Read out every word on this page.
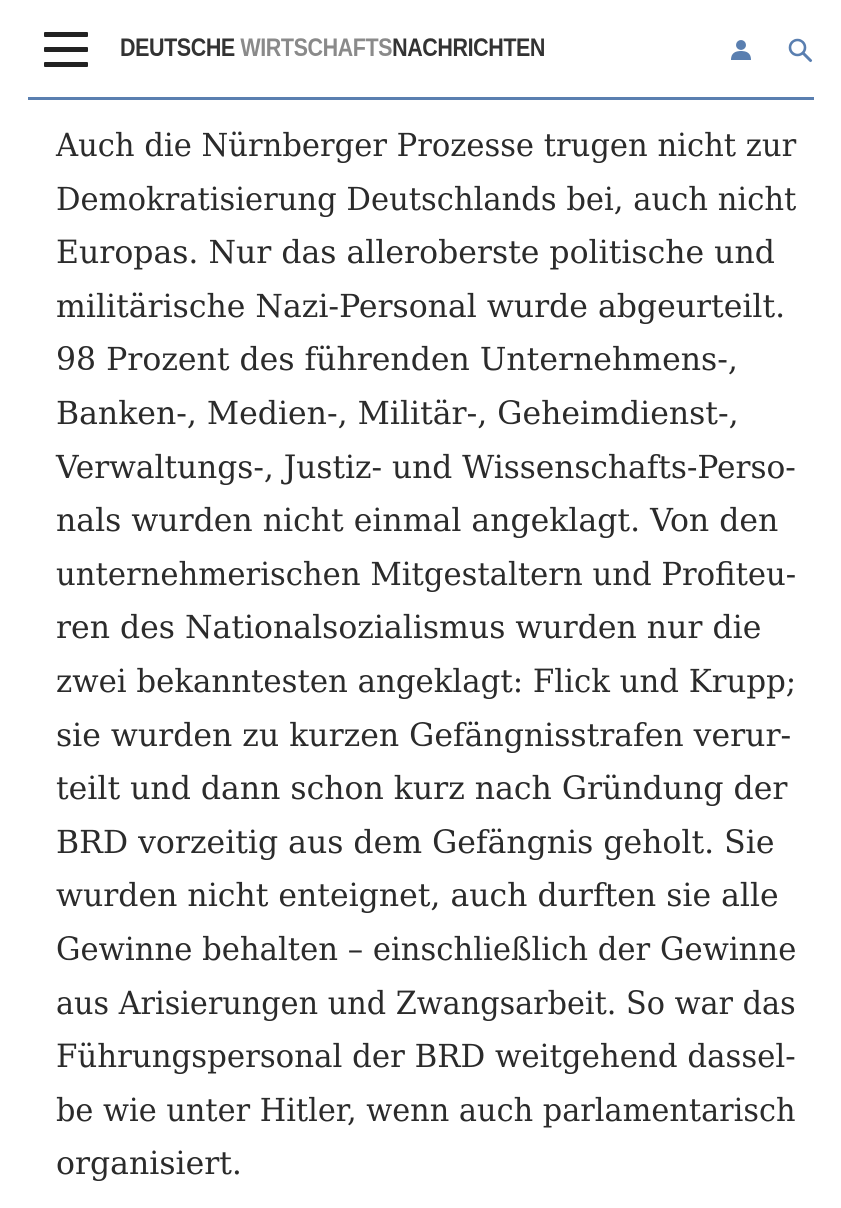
DEUTSCHE WIRTSCHAFTSNACHRICHTEN
Auch die Nürnberger Prozesse trugen nicht zur
Demokratisierung Deutschlands bei, auch nicht
Europas. Nur das alleroberste politische und
militärische Nazi-Personal wurde abgeurteilt.
98 Prozent des führenden Unternehmens-,
Banken-, Medien-, Militär-, Geheimdienst-,
Verwaltungs-, Justiz- und Wissenschafts-Perso-
nals wurden nicht einmal angeklagt. Von den
unternehmerischen Mitgestaltern und Profiteu-
ren des Nationalsozialismus wurden nur die
zwei bekanntesten angeklagt: Flick und Krupp;
sie wurden zu kurzen Gefängnisstrafen verur-
teilt und dann schon kurz nach Gründung der
BRD vorzeitig aus dem Gefängnis geholt. Sie
wurden nicht enteignet, auch durften sie alle
Gewinne behalten – einschließlich der Gewinne
aus Arisierungen und Zwangsarbeit. So war das
Führungspersonal der BRD weitgehend dassel-
be wie unter Hitler, wenn auch parlamentarisch
organisiert.
